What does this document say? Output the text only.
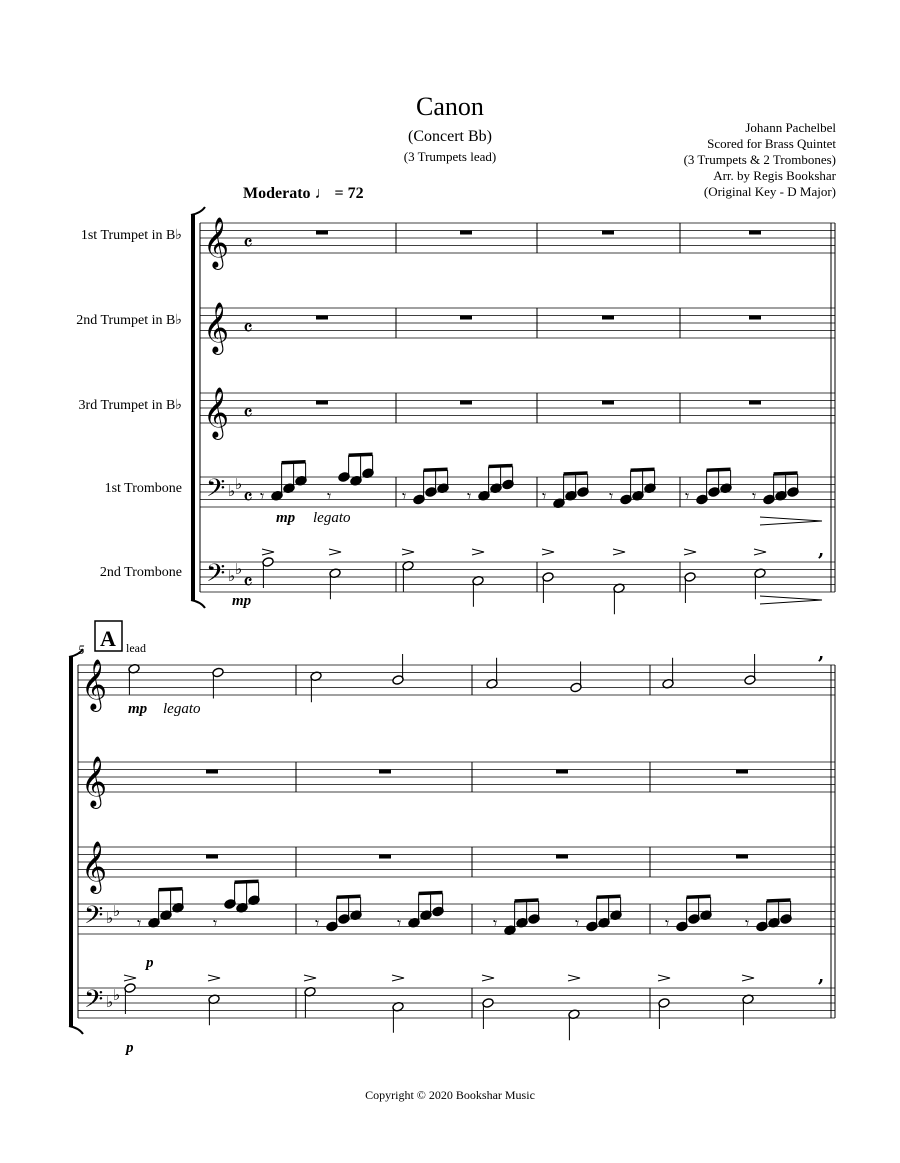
Canon
(Concert Bb)
(3 Trumpets lead)
Johann Pachelbel
Scored for Brass Quintet
(3 Trumpets & 2 Trombones)
Arr. by Regis Bookshar
(Original Key - D Major)
Moderato ♩ = 72
1st Trumpet in B♭
2nd Trumpet in B♭
3rd Trumpet in B♭
1st Trombone
2nd Trombone
𝄞 𝄴
𝄞 𝄴
𝄞 𝄴
𝄢 ♭ ♭
𝄴
𝄢 ♭ ♭
𝄴
𝄾	𝄾	𝄾	𝄾	𝄾	𝄾	𝄾	𝄾
,
𝄞
𝄞
𝄞
𝄢 ♭ ♭
𝄢 ♭ ♭
,
𝄾	𝄾	𝄾	𝄾	𝄾	𝄾	𝄾	𝄾
,
5 A lead
mp legato
mp
mp legato
p
p
Copyright © 2020 Bookshar Music
